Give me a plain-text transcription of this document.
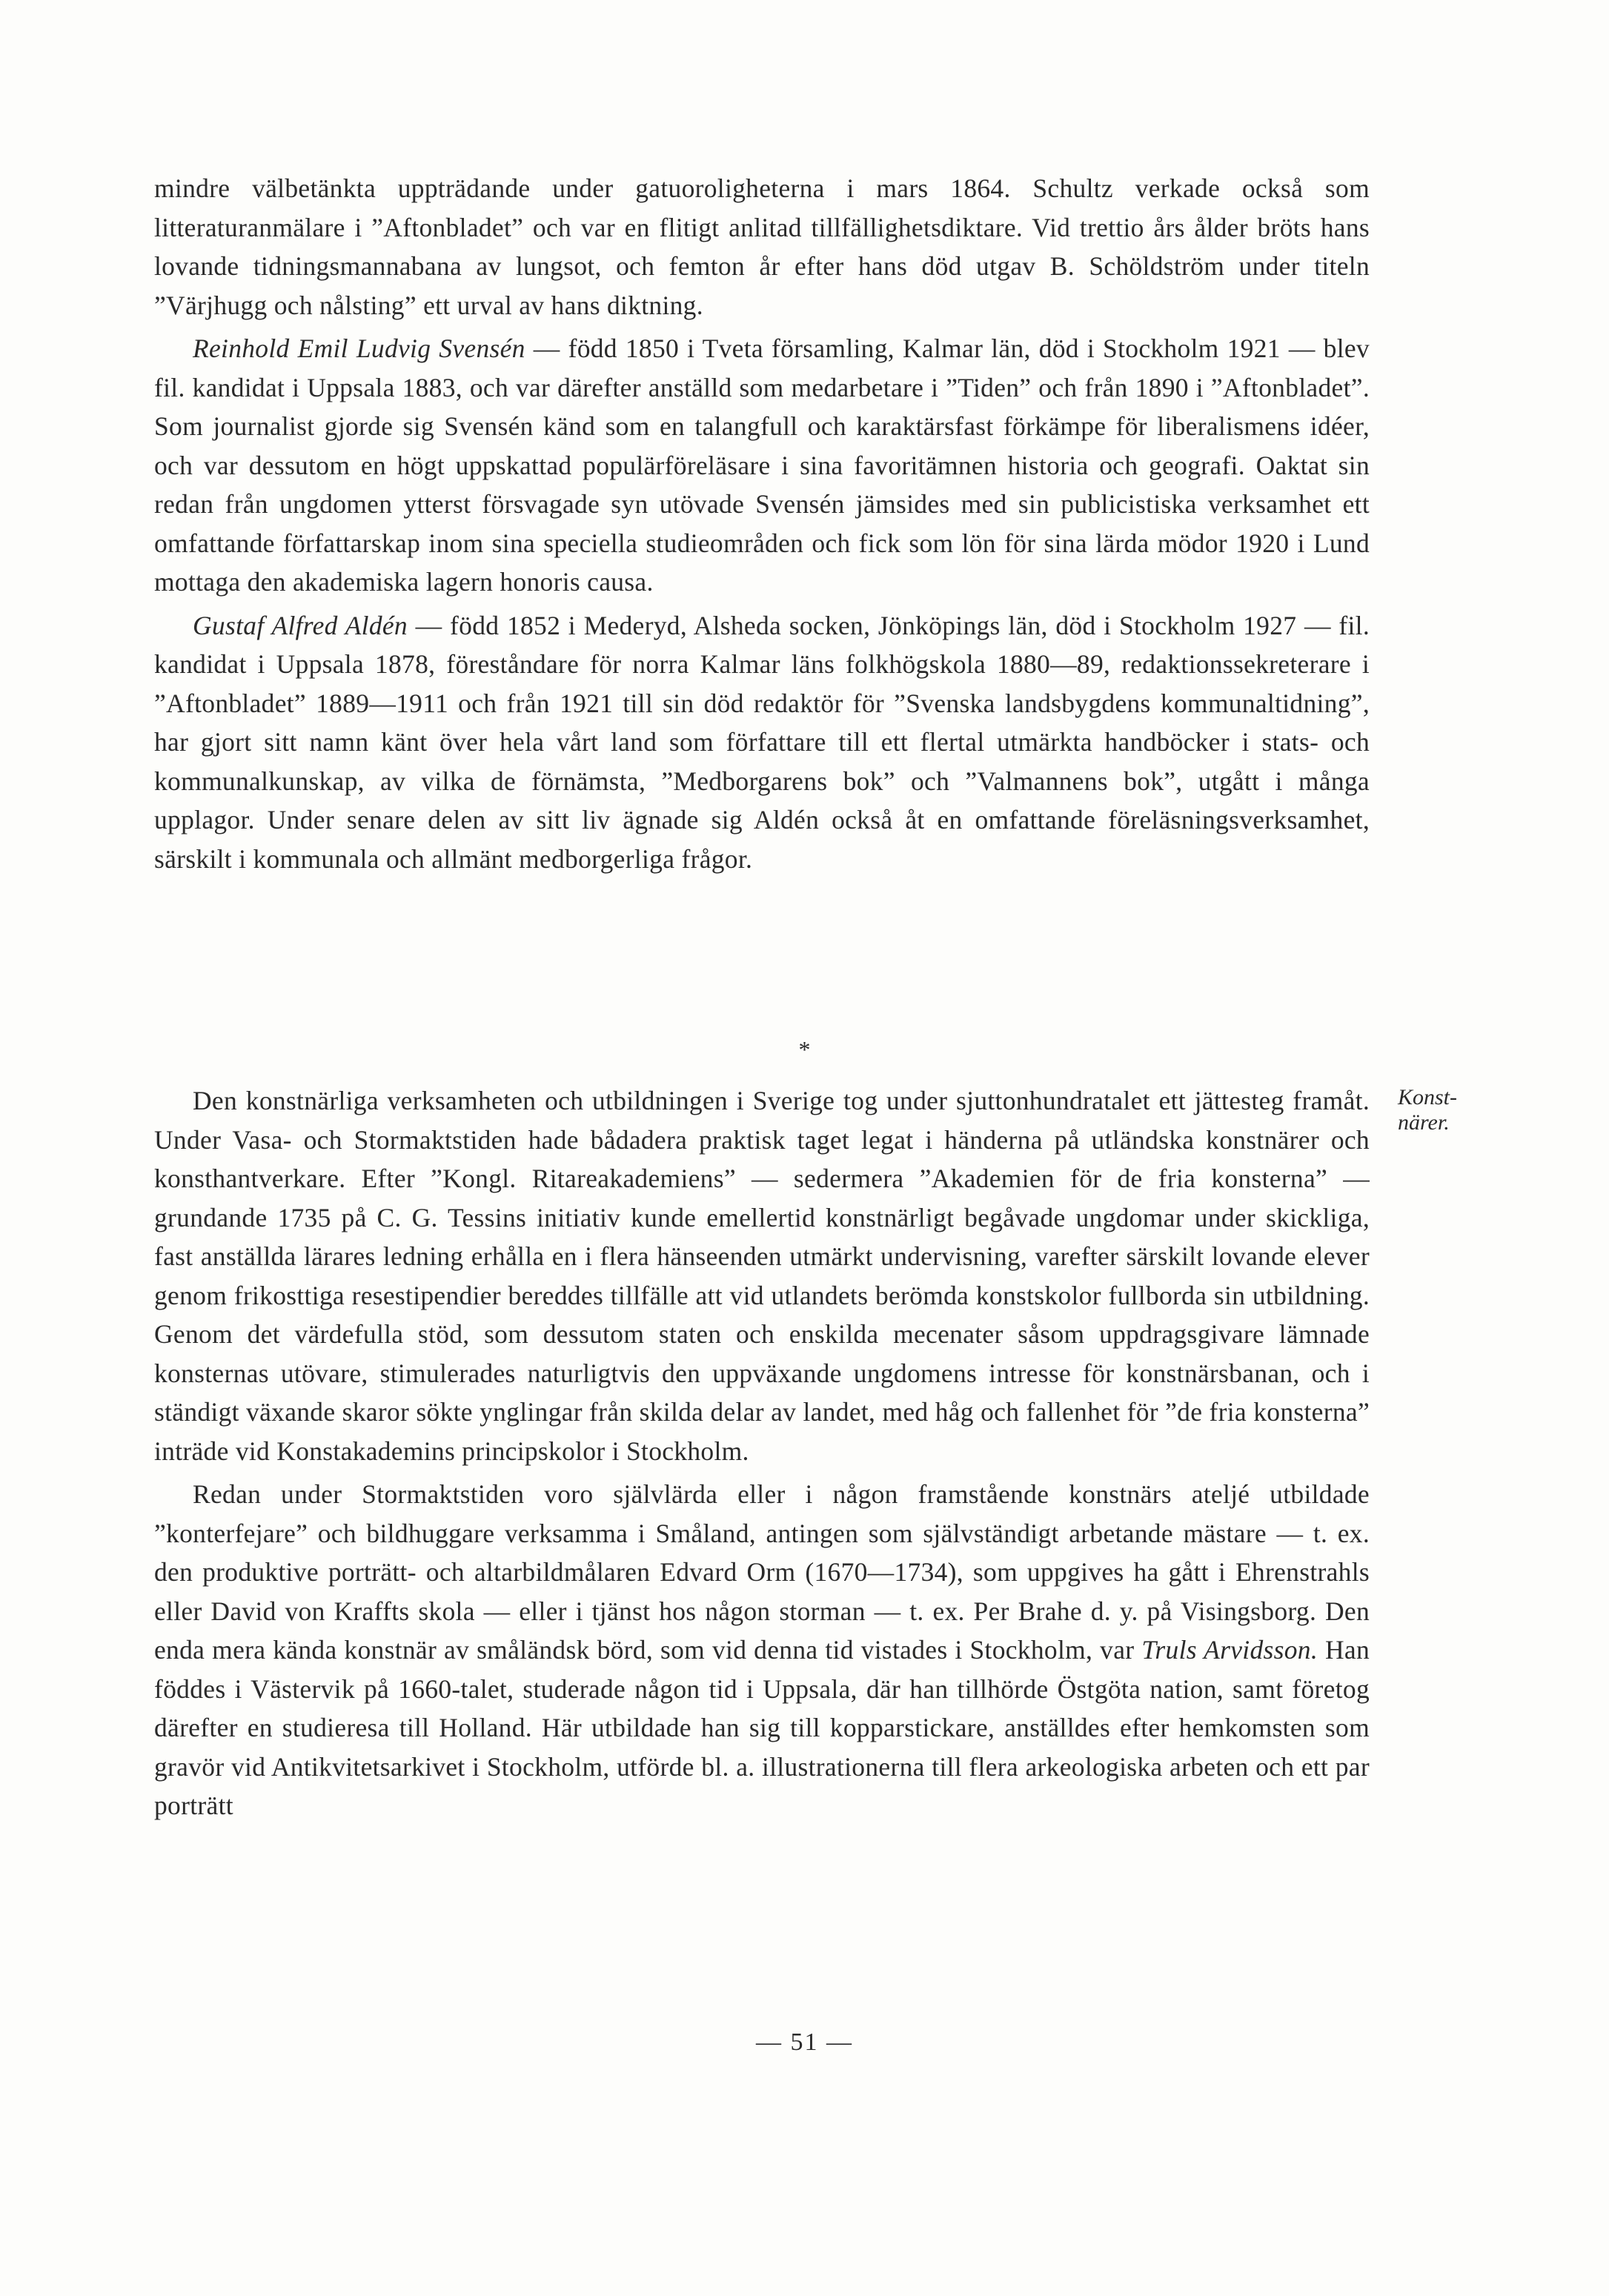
mindre välbetänkta uppträdande under gatuoroligheterna i mars 1864. Schultz verkade också som litteraturanmälare i ”Aftonbladet” och var en flitigt anlitad tillfällighetsdiktare. Vid trettio års ålder bröts hans lovande tidningsmannabana av lungsot, och femton år efter hans död utgav B. Schöldström under titeln ”Värjhugg och nålsting” ett urval av hans diktning.

Reinhold Emil Ludvig Svensén — född 1850 i Tveta församling, Kalmar län, död i Stockholm 1921 — blev fil. kandidat i Uppsala 1883, och var därefter anställd som medarbetare i ”Tiden” och från 1890 i ”Aftonbladet”. Som journalist gjorde sig Svensén känd som en talangfull och karaktärsfast förkämpe för liberalismens idéer, och var dessutom en högt uppskattad populärföreläsare i sina favoritämnen historia och geografi. Oaktat sin redan från ungdomen ytterst försvagade syn utövade Svensén jämsides med sin publicistiska verksamhet ett omfattande författarskap inom sina speciella studieområden och fick som lön för sina lärda mödor 1920 i Lund mottaga den akademiska lagern honoris causa.

Gustaf Alfred Aldén — född 1852 i Mederyd, Alsheda socken, Jönköpings län, död i Stockholm 1927 — fil. kandidat i Uppsala 1878, föreståndare för norra Kalmar läns folkhögskola 1880—89, redaktionssekreterare i ”Aftonbladet” 1889—1911 och från 1921 till sin död redaktör för ”Svenska landsbygdens kommunaltidning”, har gjort sitt namn känt över hela vårt land som författare till ett flertal utmärkta handböcker i stats- och kommunalkunskap, av vilka de förnämsta, ”Medborgarens bok” och ”Valmannens bok”, utgått i många upplagor. Under senare delen av sitt liv ägnade sig Aldén också åt en omfattande föreläsningsverksamhet, särskilt i kommunala och allmänt medborgerliga frågor.

*

Den konstnärliga verksamheten och utbildningen i Sverige tog under sjuttonhundratalet ett jättesteg framåt. Under Vasa- och Stormaktstiden hade bådadera praktisk taget legat i händerna på utländska konstnärer och konsthantverkare. Efter ”Kongl. Ritareakademiens” — sedermera ”Akademien för de fria konsterna” — grundande 1735 på C. G. Tessins initiativ kunde emellertid konstnärligt begåvade ungdomar under skickliga, fast anställda lärares ledning erhålla en i flera hänseenden utmärkt undervisning, varefter särskilt lovande elever genom frikosttiga resestipendier bereddes tillfälle att vid utlandets berömda konstskolor fullborda sin utbildning. Genom det värdefulla stöd, som dessutom staten och enskilda mecenater såsom uppdragsgivare lämnade konsternas utövare, stimulerades naturligtvis den uppväxande ungdomens intresse för konstnärsbanan, och i ständigt växande skaror sökte ynglingar från skilda delar av landet, med håg och fallenhet för ”de fria konsterna” inträde vid Konstakademins principskolor i Stockholm.

Redan under Stormaktstiden voro självlärda eller i någon framstående konstnärs ateljé utbildade ”konterfejare” och bildhuggare verksamma i Småland, antingen som självständigt arbetande mästare — t. ex. den produktive porträtt- och altarbildmålaren Edvard Orm (1670—1734), som uppgives ha gått i Ehrenstrahls eller David von Kraffts skola — eller i tjänst hos någon storman — t. ex. Per Brahe d. y. på Visingsborg. Den enda mera kända konstnär av småländsk börd, som vid denna tid vistades i Stockholm, var Truls Arvidsson. Han föddes i Västervik på 1660-talet, studerade någon tid i Uppsala, där han tillhörde Östgöta nation, samt företog därefter en studieresa till Holland. Här utbildade han sig till kopparstickare, anställdes efter hemkomsten som gravör vid Antikvitetsarkivet i Stockholm, utförde bl. a. illustrationerna till flera arkeologiska arbeten och ett par porträtt

Konst-
närer.
— 51 —
